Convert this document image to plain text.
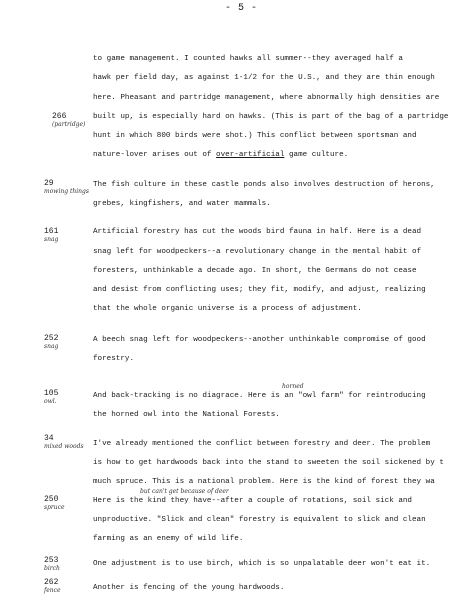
- 5 -
to game management. I counted hawks all summer--they averaged half a
hawk per field day, as against 1-1/2 for the U.S., and they are thin enough
here. Pheasant and partridge management, where abnormally high densities are
built up, is especially hard on hawks. (This is part of the bag of a partridge
hunt in which 800 birds were shot.) This conflict between sportsman and
nature-lover arises out of over-artificial game culture.
The fish culture in these castle ponds also involves destruction of herons,
grebes, kingfishers, and water mammals.
Artificial forestry has cut the woods bird fauna in half. Here is a dead
snag left for woodpeckers--a revolutionary change in the mental habit of
foresters, unthinkable a decade ago. In short, the Germans do not cease
and desist from conflicting uses; they fit, modify, and adjust, realizing
that the whole organic universe is a process of adjustment.
A beech snag left for woodpeckers--another unthinkable compromise of good
forestry.
horned
And back-tracking is no diagrace. Here is an "owl farm" for reintroducing
the horned owl into the National Forests.
I've already mentioned the conflict between forestry and deer. The problem
is how to get hardwoods back into the stand to sweeten the soil sickened by t
much spruce. This is a national problem. Here is the kind of forest they wa
but can't get because of deer
Here is the kind they have--after a couple of rotations, soil sick and
unproductive. "Slick and clean" forestry is equivalent to slick and clean
farming as an enemy of wild life.
One adjustment is to use birch, which is so unpalatable deer won't eat it.
Another is fencing of the young hardwoods.
266
(partridge)
29
mowing things
161
snag
252
snag
105
owl.
34
mixed woods
250
spruce
253
birch
262
fence
